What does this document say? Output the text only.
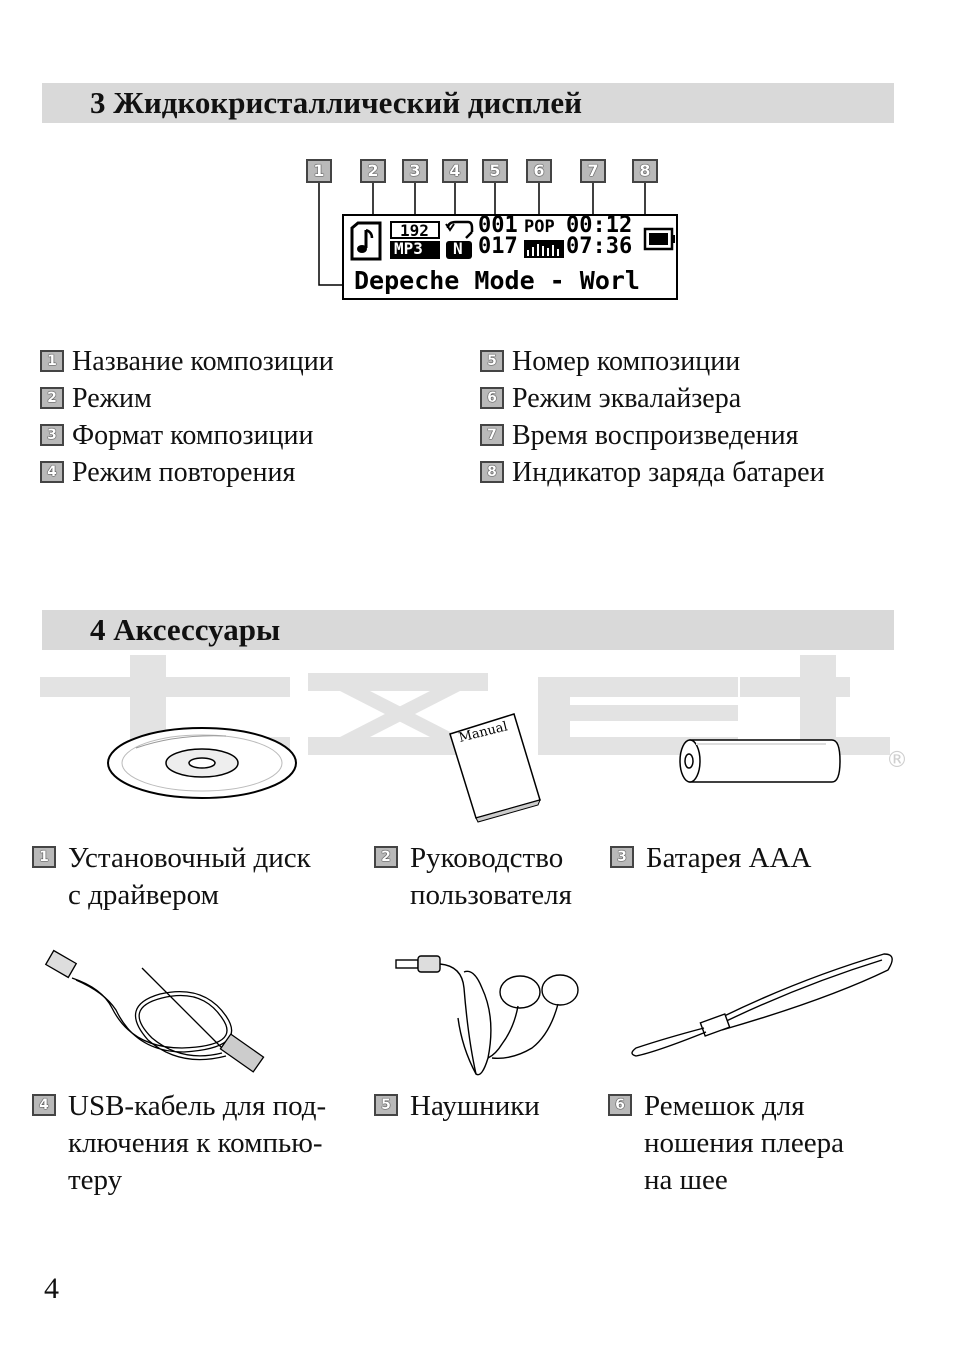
3 Жидкокристаллический дисплей
1	2	3	4	5	6	7	8
192
MP3 N
001
017
POP 00:12
07:36
Depeche Mode - Worl
1 Название композиции
2 Режим
3 Формат композиции
4 Режим повторения
5 Номер композиции
6 Режим эквалайзера
7 Время воспроизведения
8 Индикатор заряда батареи
4 Аксессуары
®
Manual
1 Установочный диск
с драйвером
2 Руководство
пользователя
3 Батарея AAA
4 USB-кабель для под-
ключения к компью-
теру
5 Наушники	6 Ремешок для
ношения плеера
на шее
4
